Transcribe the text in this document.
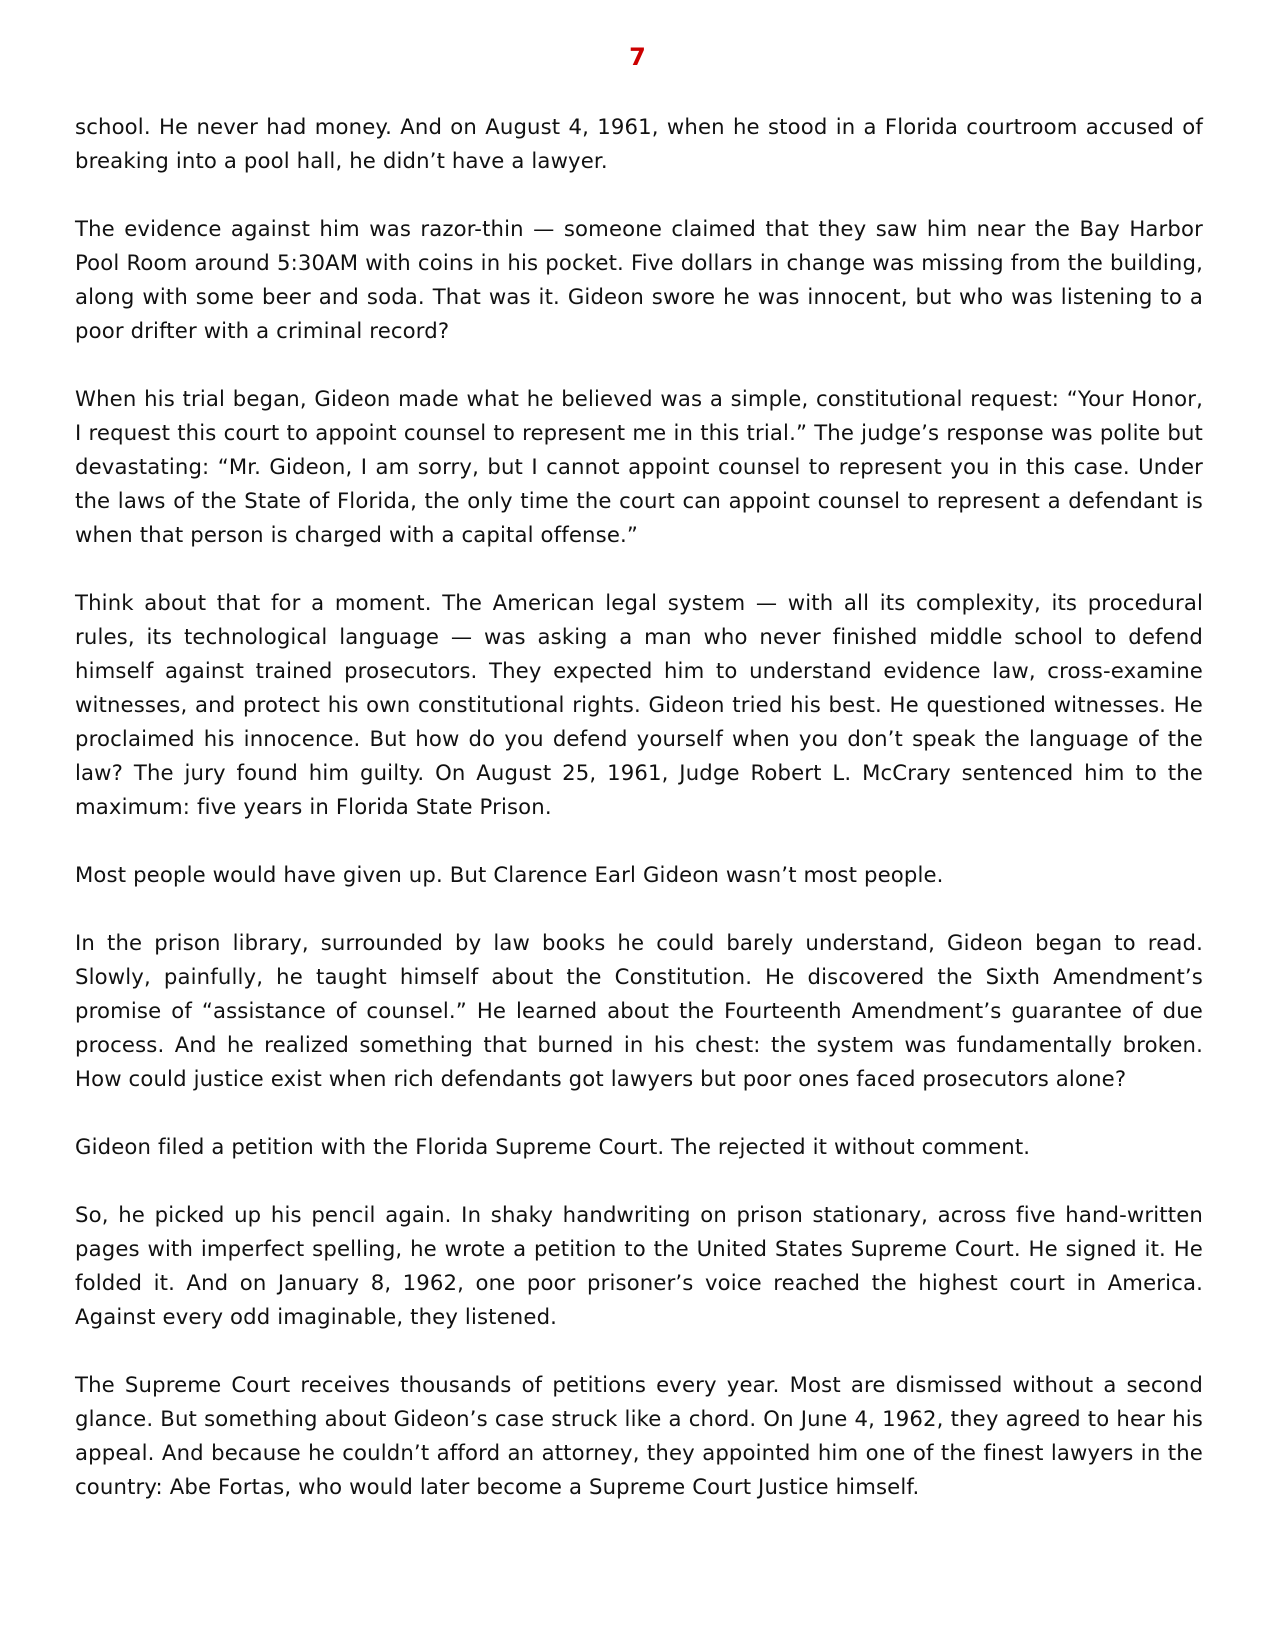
7

school. He never had money. And on August 4, 1961, when he stood in a Florida courtroom accused of breaking into a pool hall, he didn’t have a lawyer.

The evidence against him was razor-thin — someone claimed that they saw him near the Bay Harbor Pool Room around 5:30AM with coins in his pocket. Five dollars in change was missing from the building, along with some beer and soda. That was it. Gideon swore he was innocent, but who was listening to a poor drifter with a criminal record?

When his trial began, Gideon made what he believed was a simple, constitutional request: “Your Honor, I request this court to appoint counsel to represent me in this trial.” The judge’s response was polite but devastating: “Mr. Gideon, I am sorry, but I cannot appoint counsel to represent you in this case. Under the laws of the State of Florida, the only time the court can appoint counsel to represent a defendant is when that person is charged with a capital offense.”

Think about that for a moment. The American legal system — with all its complexity, its procedural rules, its technological language — was asking a man who never finished middle school to defend himself against trained prosecutors. They expected him to understand evidence law, cross-examine witnesses, and protect his own constitutional rights. Gideon tried his best. He questioned witnesses. He proclaimed his innocence. But how do you defend yourself when you don’t speak the language of the law? The jury found him guilty. On August 25, 1961, Judge Robert L. McCrary sentenced him to the maximum: five years in Florida State Prison.

Most people would have given up. But Clarence Earl Gideon wasn’t most people.

In the prison library, surrounded by law books he could barely understand, Gideon began to read. Slowly, painfully, he taught himself about the Constitution. He discovered the Sixth Amendment’s promise of “assistance of counsel.” He learned about the Fourteenth Amendment’s guarantee of due process. And he realized something that burned in his chest: the system was fundamentally broken. How could justice exist when rich defendants got lawyers but poor ones faced prosecutors alone?

Gideon filed a petition with the Florida Supreme Court. The rejected it without comment.

So, he picked up his pencil again. In shaky handwriting on prison stationary, across five hand-written pages with imperfect spelling, he wrote a petition to the United States Supreme Court. He signed it. He folded it. And on January 8, 1962, one poor prisoner’s voice reached the highest court in America. Against every odd imaginable, they listened.

The Supreme Court receives thousands of petitions every year. Most are dismissed without a second glance. But something about Gideon’s case struck like a chord. On June 4, 1962, they agreed to hear his appeal. And because he couldn’t afford an attorney, they appointed him one of the finest lawyers in the country: Abe Fortas, who would later become a Supreme Court Justice himself.
